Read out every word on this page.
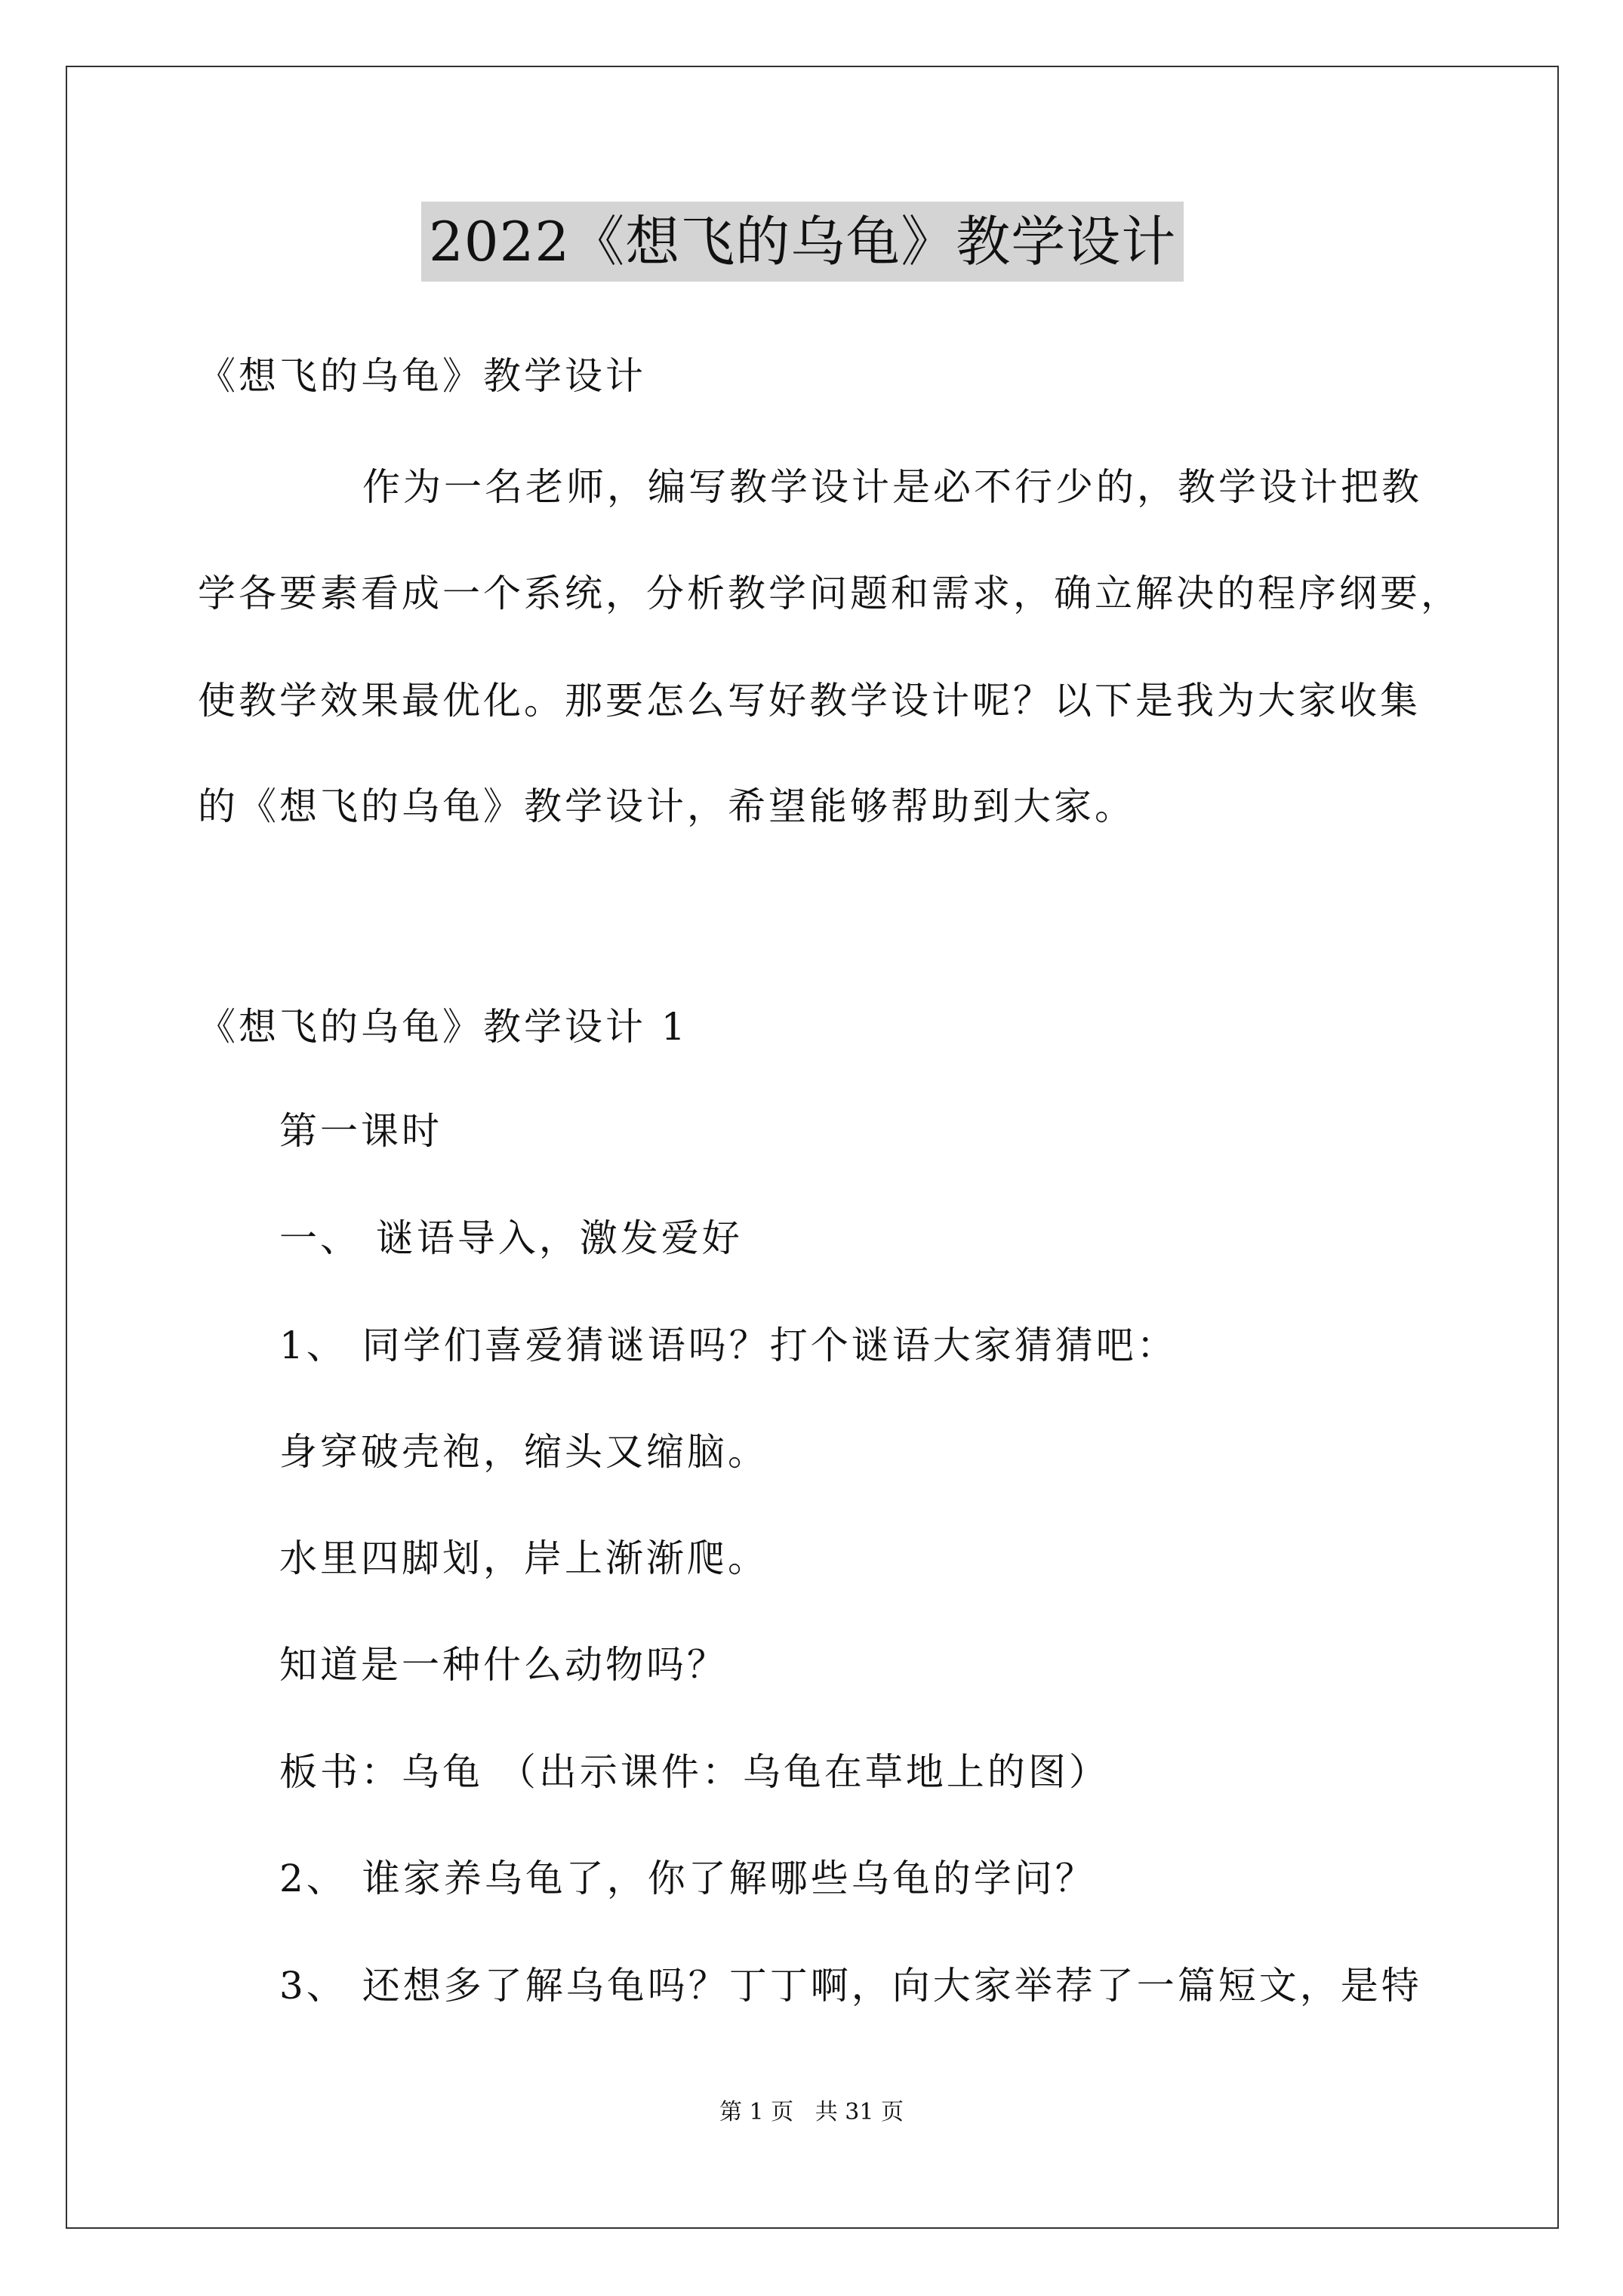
2022《想飞的乌龟》教学设计
《想飞的乌龟》教学设计
作为一名老师，编写教学设计是必不行少的，教学设计把教
学各要素看成一个系统，分析教学问题和需求，确立解决的程序纲要，
使教学效果最优化。那要怎么写好教学设计呢？以下是我为大家收集
的《想飞的乌龟》教学设计，希望能够帮助到大家。
《想飞的乌龟》教学设计 1
第一课时
一、 谜语导入，激发爱好
1、 同学们喜爱猜谜语吗？打个谜语大家猜猜吧：
身穿破壳袍，缩头又缩脑。
水里四脚划，岸上渐渐爬。
知道是一种什么动物吗？
板书：乌龟 （出示课件：乌龟在草地上的图）
2、 谁家养乌龟了，你了解哪些乌龟的学问？
3、 还想多了解乌龟吗？丁丁啊，向大家举荐了一篇短文，是特
第 1 页   共 31 页
